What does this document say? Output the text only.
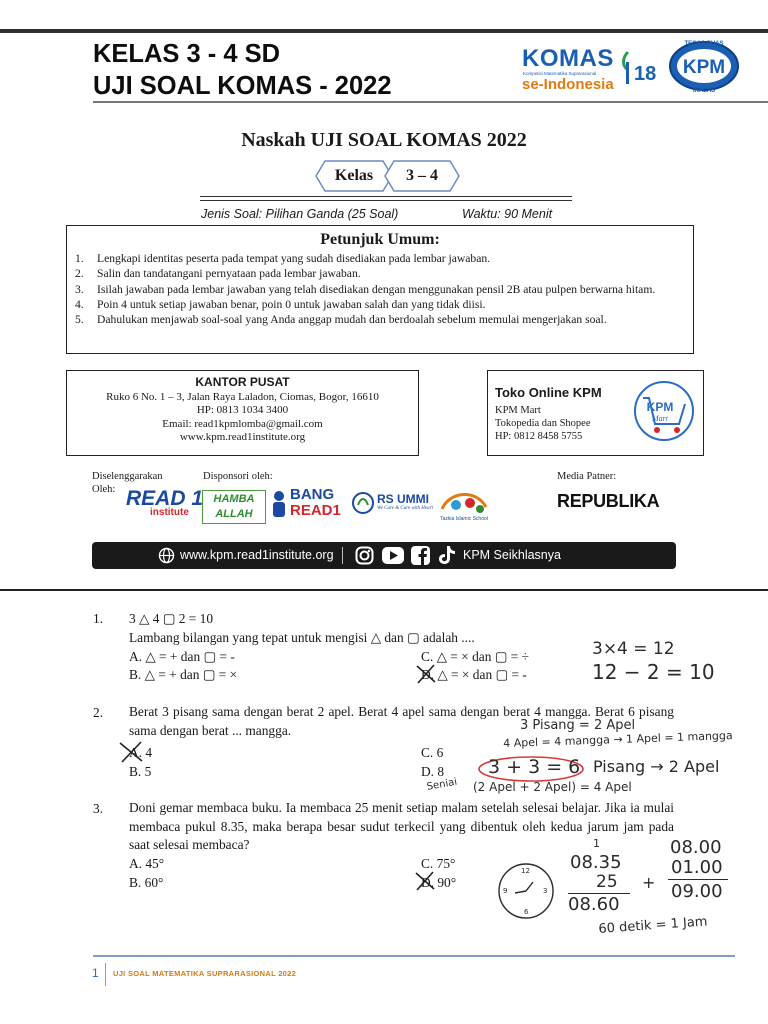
KELAS 3 - 4 SD
UJI SOAL KOMAS - 2022
KOMAS
Kompetisi Matematika Suprarasional
se-Indonesia 18 KPM
TEGAS PUAS
IKHLAS
Naskah UJI SOAL KOMAS 2022
Kelas	3 – 4
Jenis Soal: Pilihan Ganda (25 Soal)	Waktu: 90 Menit
Petunjuk Umum:
1. Lengkapi identitas peserta pada tempat yang sudah disediakan pada lembar jawaban.
2. Salin dan tandatangani pernyataan pada lembar jawaban.
3. Isilah jawaban pada lembar jawaban yang telah disediakan dengan menggunakan pensil 2B atau pulpen berwarna hitam.
4. Poin 4 untuk setiap jawaban benar, poin 0 untuk jawaban salah dan yang tidak diisi.
5. Dahulukan menjawab soal-soal yang Anda anggap mudah dan berdoalah sebelum memulai mengerjakan soal.
KANTOR PUSAT
Ruko 6 No. 1 – 3, Jalan Raya Laladon, Ciomas, Bogor, 16610
HP: 0813 1034 3400
Email: read1kpmlomba@gmail.com
www.kpm.read1institute.org
Toko Online KPM
KPM Mart
Tokopedia dan Shopee
HP: 0812 8458 5755
KPM
Mart
Diselenggarakan
Oleh:
Disponsori oleh:	Media Patner:
READ 1
institute
HAMBA
ALLAH
BANG
READ1
RS UMMI
We Care & Cure with Heart
Tazkia Islamic School
REPUBLIKA
www.kpm.read1institute.org	KPM Seikhlasnya
1. 3 △ 4 ▢ 2 = 10
Lambang bilangan yang tepat untuk mengisi △ dan ▢ adalah ....
A. △ = + dan ▢ = -
B. △ = + dan ▢ = ×
C. △ = × dan ▢ = ÷
D. △ = × dan ▢ = -
2. Berat 3 pisang sama dengan berat 2 apel. Berat 4 apel sama dengan berat 4 mangga. Berat 6 pisang sama dengan berat ... mangga.
A. 4
B. 5
C. 6
D. 8
3. Doni gemar membaca buku. Ia membaca 25 menit setiap malam setelah selesai belajar. Jika ia mulai membaca pukul 8.35, maka berapa besar sudut terkecil yang dibentuk oleh kedua jarum jam pada saat selesai membaca?
A. 45°
B. 60°
C. 75°
D. 90°
3×4 = 12
12 − 2 = 10
3 Pisang = 2 Apel
4 Apel = 4 mangga → 1 Apel = 1 mangga
3 + 3 = 6 Pisang → 2 Apel
Seniai (2 Apel + 2 Apel) = 4 Apel
1
08.35
25
08.60
+
08.00
01.00
09.00
60 detik = 1 Jam
12
3
6
9
1 UJI SOAL MATEMATIKA SUPRARASIONAL 2022
